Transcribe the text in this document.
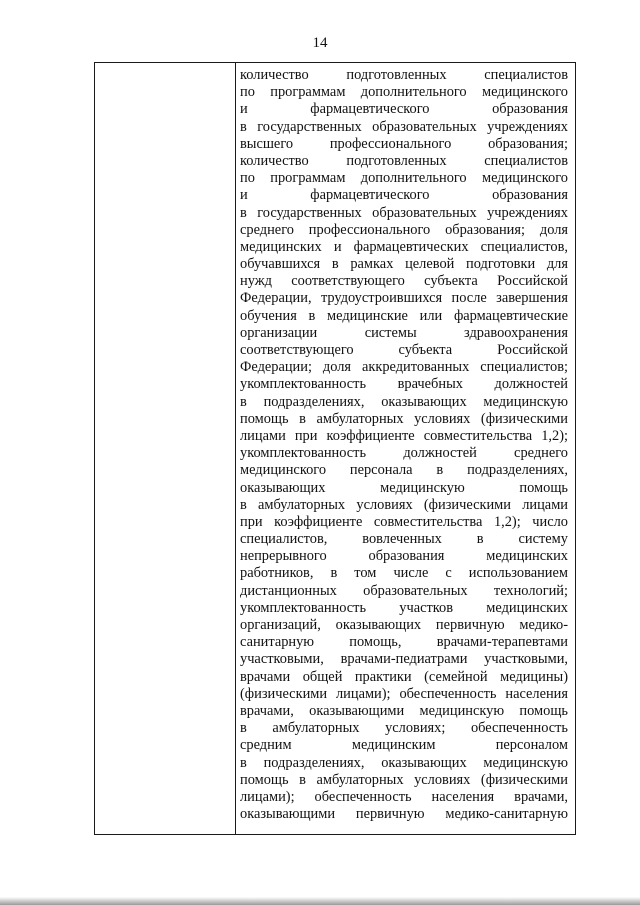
14
количество подготовленных специалистов
по программам дополнительного медицинского
и фармацевтического образования
в государственных образовательных учреждениях
высшего профессионального образования;
количество подготовленных специалистов
по программам дополнительного медицинского
и фармацевтического образования
в государственных образовательных учреждениях
среднего профессионального образования; доля
медицинских и фармацевтических специалистов,
обучавшихся в рамках целевой подготовки для
нужд соответствующего субъекта Российской
Федерации, трудоустроившихся после завершения
обучения в медицинские или фармацевтические
организации системы здравоохранения
соответствующего субъекта Российской
Федерации; доля аккредитованных специалистов;
укомплектованность врачебных должностей
в подразделениях, оказывающих медицинскую
помощь в амбулаторных условиях (физическими
лицами при коэффициенте совместительства 1,2);
укомплектованность должностей среднего
медицинского персонала в подразделениях,
оказывающих медицинскую помощь
в амбулаторных условиях (физическими лицами
при коэффициенте совместительства 1,2); число
специалистов, вовлеченных в систему
непрерывного образования медицинских
работников, в том числе с использованием
дистанционных образовательных технологий;
укомплектованность участков медицинских
организаций, оказывающих первичную медико-
санитарную помощь, врачами-терапевтами
участковыми, врачами-педиатрами участковыми,
врачами общей практики (семейной медицины)
(физическими лицами); обеспеченность населения
врачами, оказывающими медицинскую помощь
в амбулаторных условиях; обеспеченность
средним медицинским персоналом
в подразделениях, оказывающих медицинскую
помощь в амбулаторных условиях (физическими
лицами); обеспеченность населения врачами,
оказывающими первичную медико-санитарную
